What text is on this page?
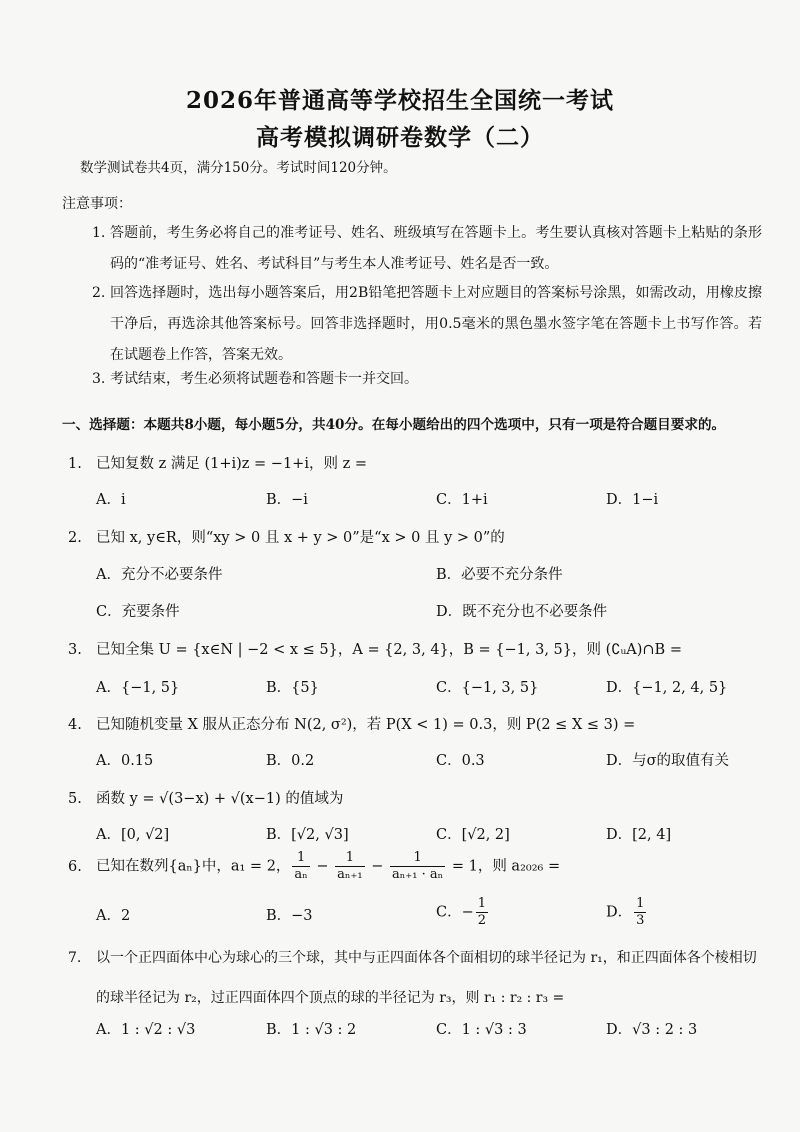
2026年普通高等学校招生全国统一考试
高考模拟调研卷数学（二）
数学测试卷共4页，满分150分。考试时间120分钟。
注意事项：
1. 答题前，考生务必将自己的准考证号、姓名、班级填写在答题卡上。考生要认真核对答题卡上粘贴的条形码的“准考证号、姓名、考试科目”与考生本人准考证号、姓名是否一致。
2. 回答选择题时，选出每小题答案后，用2B铅笔把答题卡上对应题目的答案标号涂黑，如需改动，用橡皮擦干净后，再选涂其他答案标号。回答非选择题时，用0.5毫米的黑色墨水签字笔在答题卡上书写作答。若在试题卷上作答，答案无效。
3. 考试结束，考生必须将试题卷和答题卡一并交回。
一、选择题：本题共8小题，每小题5分，共40分。在每小题给出的四个选项中，只有一项是符合题目要求的。
1. 已知复数 z 满足 (1+i)z = −1+i，则 z =
A．i	B．−i	C．1+i	D．1−i
2. 已知 x, y∈R，则“xy > 0 且 x + y > 0”是“x > 0 且 y > 0”的
A．充分不必要条件	B．必要不充分条件
C．充要条件	D．既不充分也不必要条件
3. 已知全集 U = {x∈N | −2 < x ≤ 5}，A = {2, 3, 4}，B = {−1, 3, 5}，则 (∁ᵤA)∩B =
A．{−1, 5}	B．{5}	C．{−1, 3, 5}	D．{−1, 2, 4, 5}
4. 已知随机变量 X 服从正态分布 N(2, σ²)，若 P(X < 1) = 0.3，则 P(2 ≤ X ≤ 3) =
A．0.15	B．0.2	C．0.3	D．与σ的取值有关
5. 函数 y = √(3−x) + √(x−1) 的值域为
A．[0, √2]	B．[√2, √3]	C．[√2, 2]	D．[2, 4]
6. 已知在数列{aₙ}中，a₁ = 2， $\frac{1}{\text{aₙ}} - \frac{1}{\text{aₙ₊₁}} - \frac{1}{\text{aₙ₊₁ · aₙ}} = 1$，则 a₂₀₂₆ =
A．2	B．−3	C．− $\frac{1}{2}$	D． $\frac{1}{3}$
7.	以一个正四面体中心为球心的三个球，其中与正四面体各个面相切的球半径记为 r₁，和正四面体各个棱相切的球半径记为 r₂，过正四面体四个顶点的球的半径记为 r₃，则 r₁ : r₂ : r₃ =
A．1 : √2 : √3	B．1 : √3 : 2	C．1 : √3 : 3	D．√3 : 2 : 3
